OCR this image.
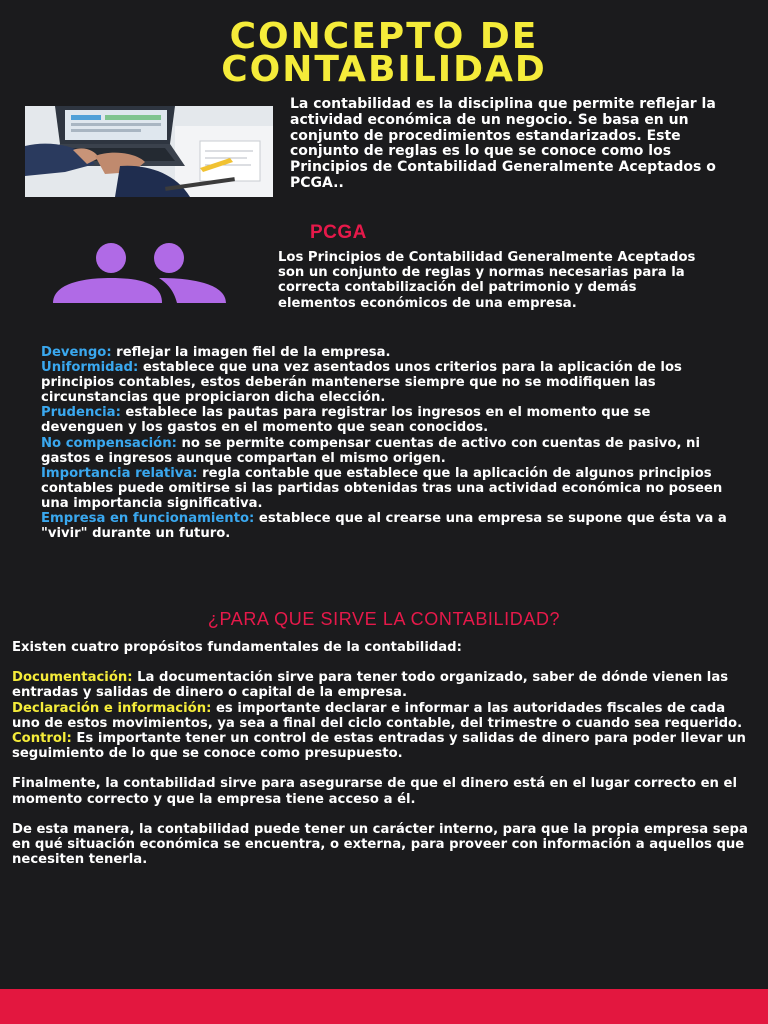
CONCEPTO DE
CONTABILIDAD

La contabilidad es la disciplina que permite reflejar la actividad económica de un negocio. Se basa en un conjunto de procedimientos estandarizados. Este conjunto de reglas es lo que se conoce como los Principios de Contabilidad Generalmente Aceptados o PCGA..

PCGA

Los Principios de Contabilidad Generalmente Aceptados son un conjunto de reglas y normas necesarias para la correcta contabilización del patrimonio y demás elementos económicos de una empresa.

Devengo: reflejar la imagen fiel de la empresa.

Uniformidad: establece que una vez asentados unos criterios para la aplicación de los principios contables, estos deberán mantenerse siempre que no se modifiquen las circunstancias que propiciaron dicha elección.

Prudencia: establece las pautas para registrar los ingresos en el momento que se devenguen y los gastos en el momento que sean conocidos.

No compensación: no se permite compensar cuentas de activo con cuentas de pasivo, ni gastos e ingresos aunque compartan el mismo origen.

Importancia relativa: regla contable que establece que la aplicación de algunos principios contables puede omitirse si las partidas obtenidas tras una actividad económica no poseen una importancia significativa.

Empresa en funcionamiento: establece que al crearse una empresa se supone que ésta va a "vivir" durante un futuro.

¿PARA QUE SIRVE LA CONTABILIDAD?

Existen cuatro propósitos fundamentales de la contabilidad:

Documentación: La documentación sirve para tener todo organizado, saber de dónde vienen las entradas y salidas de dinero o capital de la empresa.

Declaración e información: es importante declarar e informar a las autoridades fiscales de cada uno de estos movimientos, ya sea a final del ciclo contable, del trimestre o cuando sea requerido.

Control: Es importante tener un control de estas entradas y salidas de dinero para poder llevar un seguimiento de lo que se conoce como presupuesto.

Finalmente, la contabilidad sirve para asegurarse de que el dinero está en el lugar correcto en el momento correcto y que la empresa tiene acceso a él.

De esta manera, la contabilidad puede tener un carácter interno, para que la propia empresa sepa en qué situación económica se encuentra, o externa, para proveer con información a aquellos que necesiten tenerla.
